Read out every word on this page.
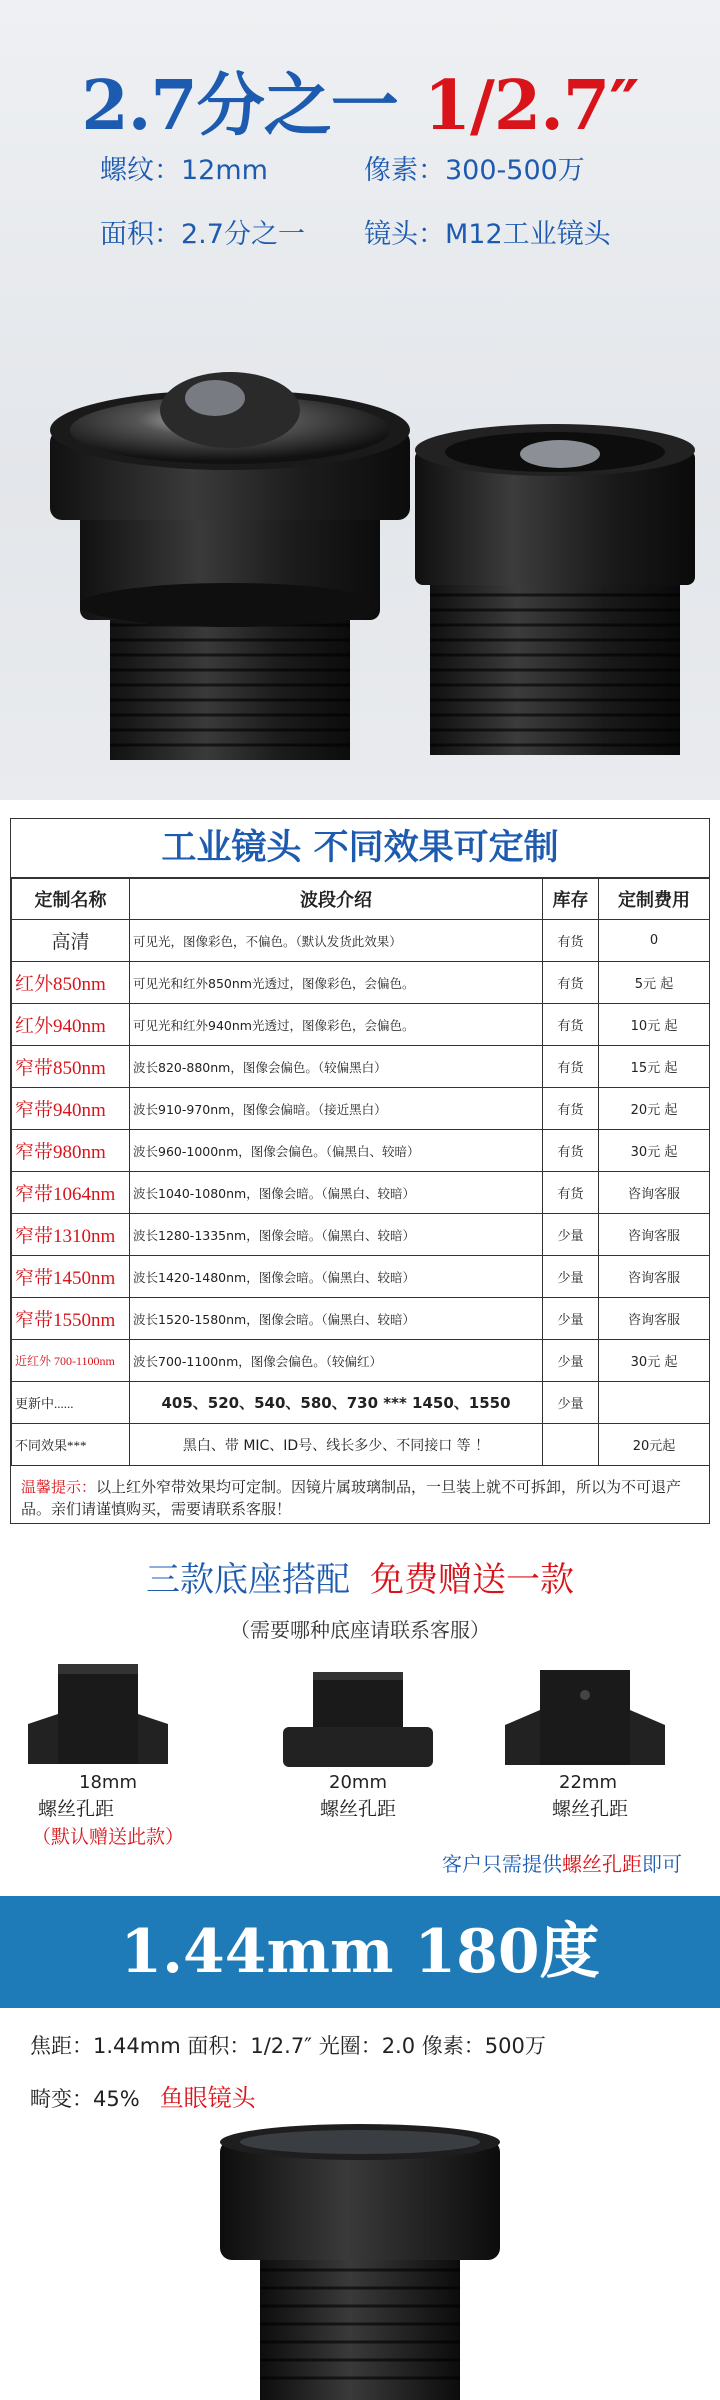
2.7分之一 1/2.7″
螺纹：12mm	像素：300-500万
面积：2.7分之一 镜头：M12工业镜头
工业镜头 不同效果可定制
定制名称	波段介绍	库存	定制费用
高清	可见光，图像彩色，不偏色。（默认发货此效果）	有货	0
红外850nm	可见光和红外850nm光透过，图像彩色，会偏色。	有货	5元 起
红外940nm	可见光和红外940nm光透过，图像彩色，会偏色。	有货	10元 起
窄带850nm	波长820-880nm，图像会偏色。（较偏黑白）	有货	15元 起
窄带940nm	波长910-970nm，图像会偏暗。（接近黑白）	有货	20元 起
窄带980nm	波长960-1000nm，图像会偏色。（偏黑白、较暗）	有货	30元 起
窄带1064nm	波长1040-1080nm，图像会暗。（偏黑白、较暗）	有货	咨询客服
窄带1310nm	波长1280-1335nm，图像会暗。（偏黑白、较暗）	少量	咨询客服
窄带1450nm	波长1420-1480nm，图像会暗。（偏黑白、较暗）	少量	咨询客服
窄带1550nm	波长1520-1580nm，图像会暗。（偏黑白、较暗）	少量	咨询客服
近红外 700-1100nm	波长700-1100nm，图像会偏色。（较偏红）	少量	30元 起
更新中......	405、520、540、580、730 *** 1450、1550	少量	
不同效果***	黑白、带 MIC、ID号、线长多少、不同接口 等 ！		20元起
温馨提示：以上红外窄带效果均可定制。因镜片属玻璃制品，一旦装上就不可拆卸，所以为不可退产品。亲们请谨慎购买，需要请联系客服！
三款底座搭配 免费赠送一款
（需要哪种底座请联系客服）
18mm	20mm	22mm
螺丝孔距	螺丝孔距	螺丝孔距
（默认赠送此款）
客户只需提供螺丝孔距即可
1.44mm 180度
焦距：1.44mm 面积：1/2.7″ 光圈：2.0 像素：500万
畸变：45% 鱼眼镜头
